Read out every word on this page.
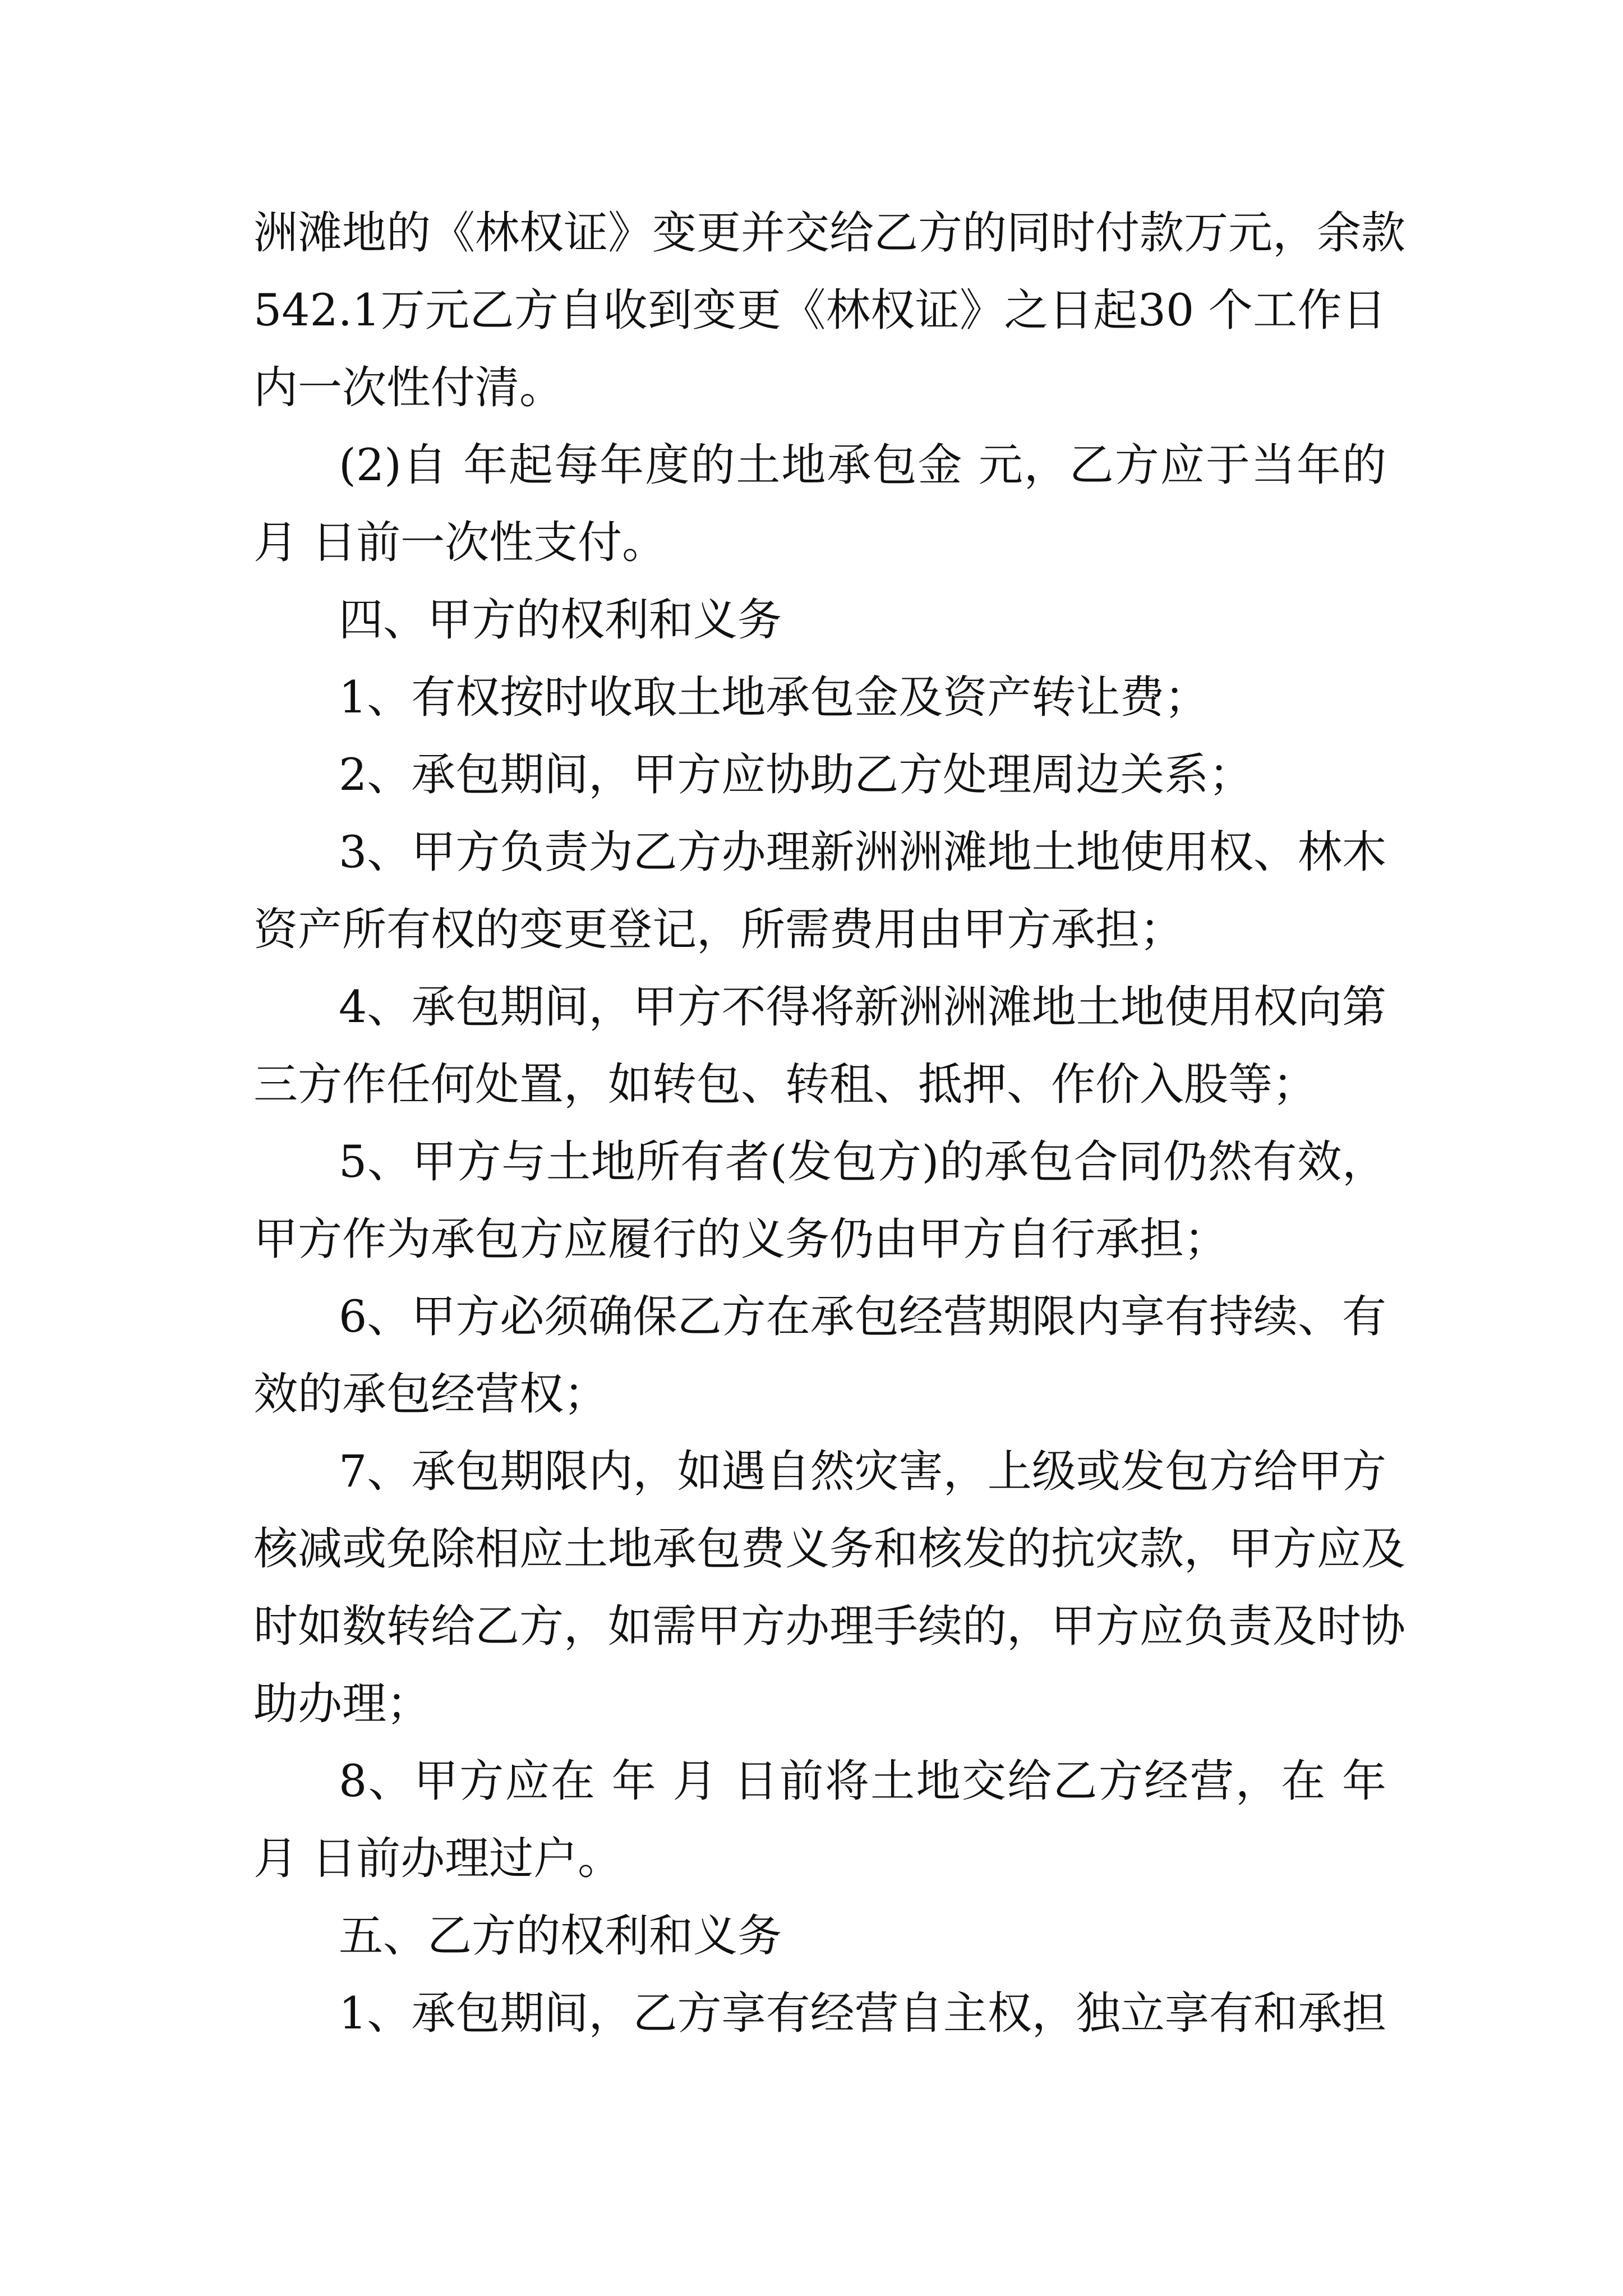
洲滩地的《林权证》变更并交给乙方的同时付款万元，余款
542.1万元乙方自收到变更《林权证》之日起30 个工作日
内一次性付清。
(2)自 年起每年度的土地承包金 元，乙方应于当年的
月 日前一次性支付。
四、甲方的权利和义务
1、有权按时收取土地承包金及资产转让费；
2、承包期间，甲方应协助乙方处理周边关系；
3、甲方负责为乙方办理新洲洲滩地土地使用权、林木
资产所有权的变更登记，所需费用由甲方承担；
4、承包期间，甲方不得将新洲洲滩地土地使用权向第
三方作任何处置，如转包、转租、抵押、作价入股等；
5、甲方与土地所有者(发包方)的承包合同仍然有效，
甲方作为承包方应履行的义务仍由甲方自行承担；
6、甲方必须确保乙方在承包经营期限内享有持续、有
效的承包经营权；
7、承包期限内，如遇自然灾害，上级或发包方给甲方
核减或免除相应土地承包费义务和核发的抗灾款，甲方应及
时如数转给乙方，如需甲方办理手续的，甲方应负责及时协
助办理；
8、甲方应在 年 月 日前将土地交给乙方经营，在 年
月 日前办理过户。
五、乙方的权利和义务
1、承包期间，乙方享有经营自主权，独立享有和承担
